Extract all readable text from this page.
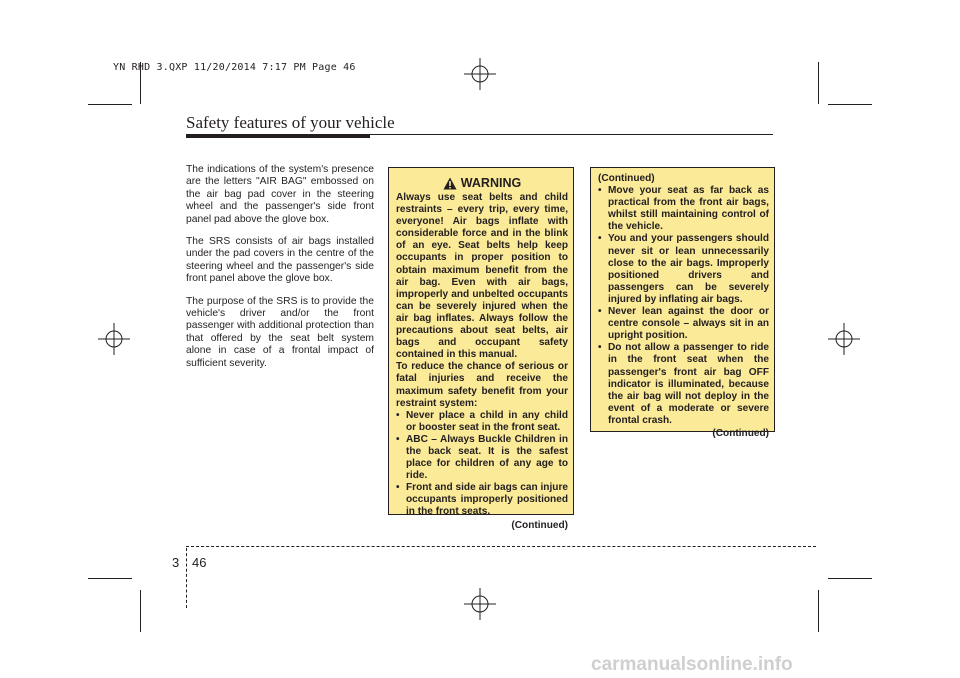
YN RHD 3.QXP 11/20/2014 7:17 PM Page 46
Safety features of your vehicle

The indications of the system's presence are the letters "AIR BAG" embossed on the air bag pad cover in the steering wheel and the passenger's side front panel pad above the glove box.

The SRS consists of air bags installed under the pad covers in the centre of the steering wheel and the passenger's side front panel above the glove box.

The purpose of the SRS is to provide the vehicle's driver and/or the front passenger with additional protection than that offered by the seat belt system alone in case of a frontal impact of sufficient severity.

WARNING

Always use seat belts and child restraints – every trip, every time, everyone! Air bags inflate with considerable force and in the blink of an eye. Seat belts help keep occupants in proper position to obtain maximum benefit from the air bag. Even with air bags, improperly and unbelted occupants can be severely injured when the air bag inflates. Always follow the precautions about seat belts, air bags and occupant safety contained in this manual.

To reduce the chance of serious or fatal injuries and receive the maximum safety benefit from your restraint system:

• Never place a child in any child or booster seat in the front seat.
• ABC – Always Buckle Children in the back seat. It is the safest place for children of any age to ride.
• Front and side air bags can injure occupants improperly positioned in the front seats.
(Continued)
(Continued)
• Move your seat as far back as practical from the front air bags, whilst still maintaining control of the vehicle.
• You and your passengers should never sit or lean unnecessarily close to the air bags. Improperly positioned drivers and passengers can be severely injured by inflating air bags.
• Never lean against the door or centre console – always sit in an upright position.
• Do not allow a passenger to ride in the front seat when the passenger's front air bag OFF indicator is illuminated, because the air bag will not deploy in the event of a moderate or severe frontal crash.
(Continued)
3 46
carmanualsonline.info
